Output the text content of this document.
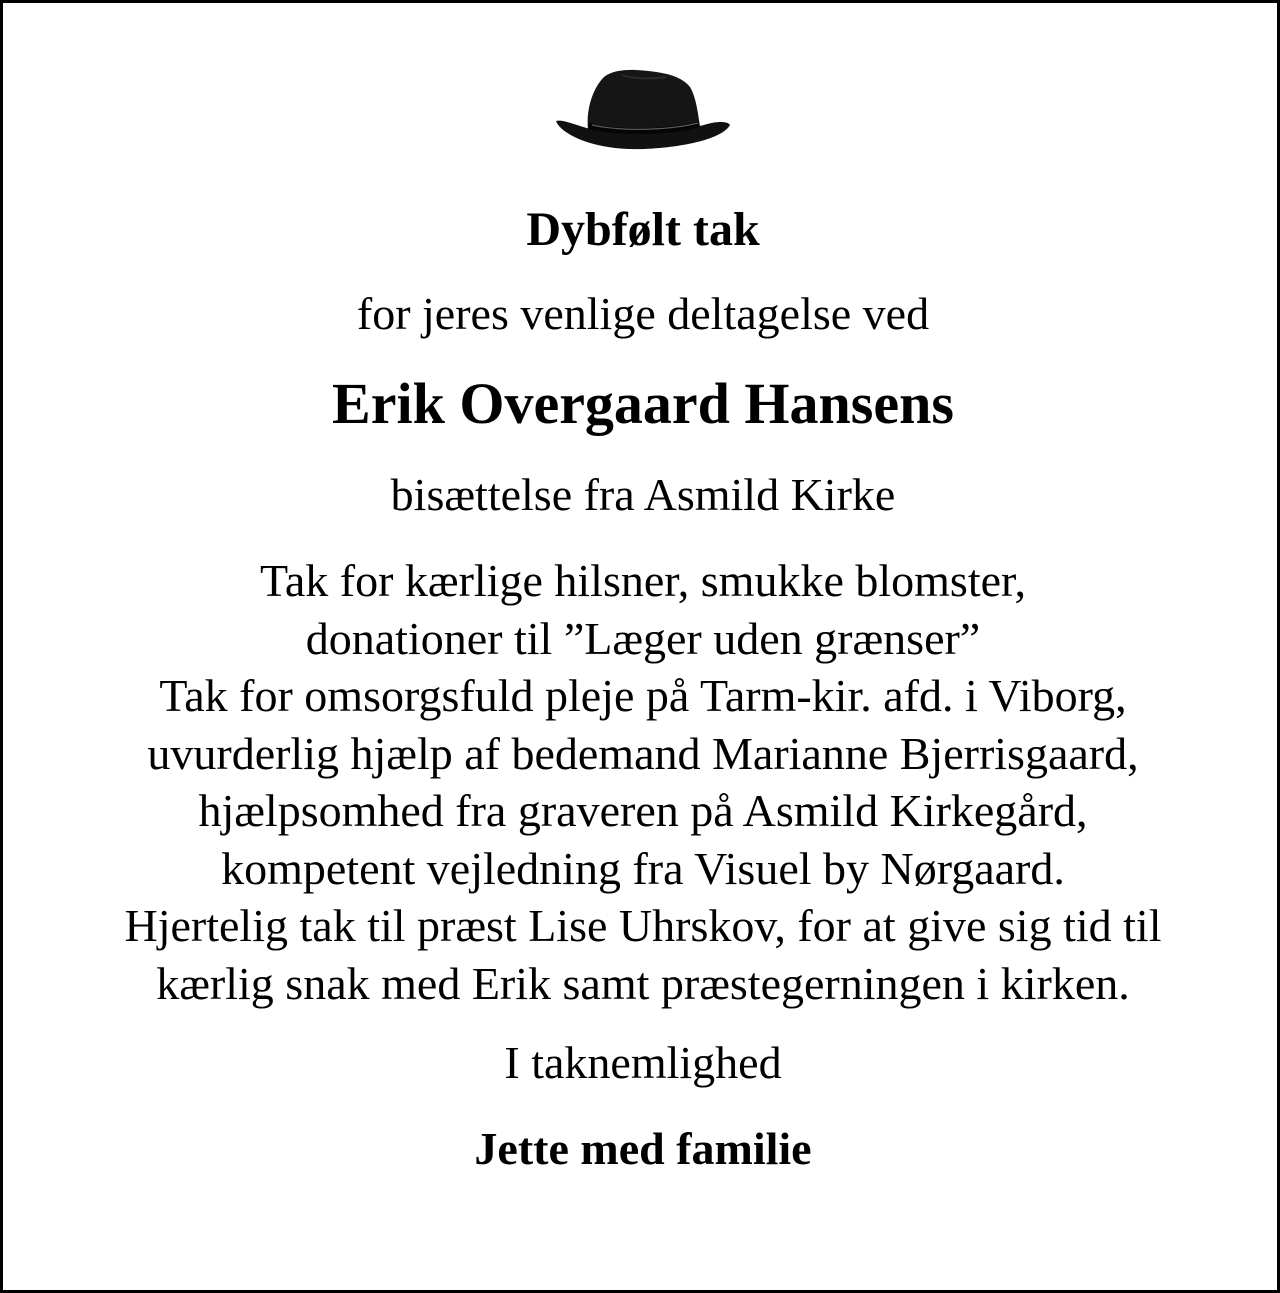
Dybfølt tak
for jeres venlige deltagelse ved
Erik Overgaard Hansens
bisættelse fra Asmild Kirke
Tak for kærlige hilsner, smukke blomster,
donationer til ”Læger uden grænser”
Tak for omsorgsfuld pleje på Tarm-kir. afd. i Viborg,
uvurderlig hjælp af bedemand Marianne Bjerrisgaard,
hjælpsomhed fra graveren på Asmild Kirkegård,
kompetent vejledning fra Visuel by Nørgaard.
Hjertelig tak til præst Lise Uhrskov, for at give sig tid til
kærlig snak med Erik samt præstegerningen i kirken.
I taknemlighed
Jette med familie
